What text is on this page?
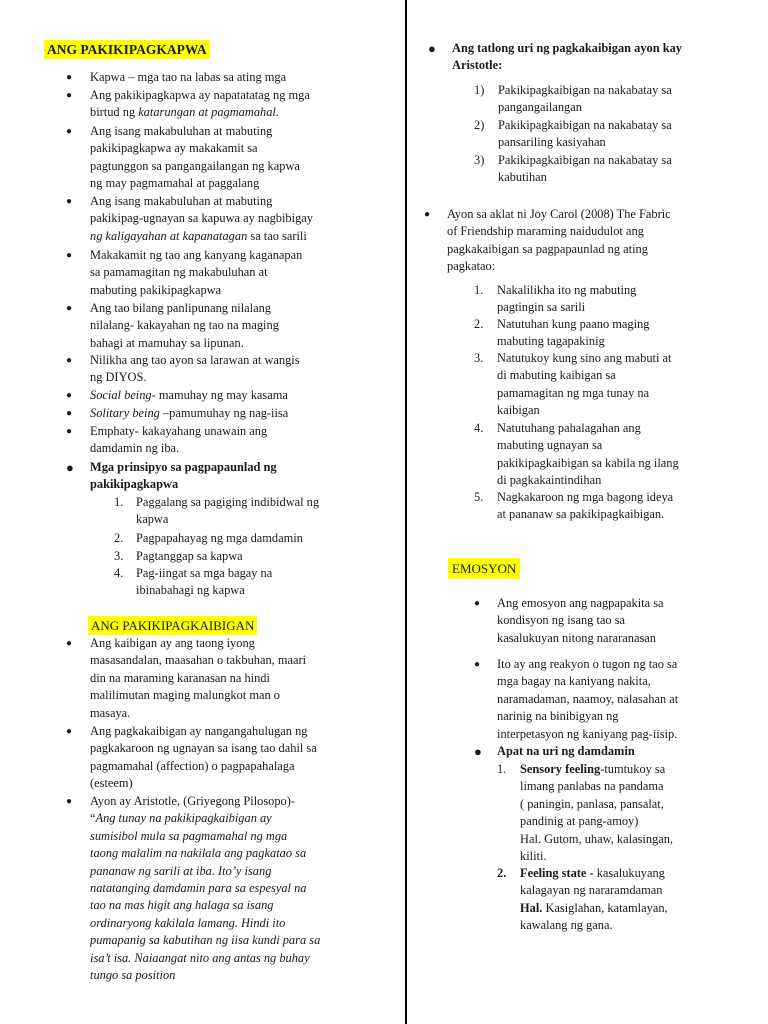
ANG PAKIKIPAGKAPWA
● Kapwa – mga tao na labas sa ating mga
● Ang pakikipagkapwa ay napatatatag ng mga
birtud ng katarungan at pagmamahal.
● Ang isang makabuluhan at mabuting
pakikipagkapwa ay makakamit sa
pagtunggon sa pangangailangan ng kapwa
ng may pagmamahal at paggalang
● Ang isang makabuluhan at mabuting
pakikipag-ugnayan sa kapuwa ay nagbibigay
ng kaligayahan at kapanatagan sa tao sarili
● Makakamit ng tao ang kanyang kaganapan
sa pamamagitan ng makabuluhan at
mabuting pakikipagkapwa
● Ang tao bilang panlipunang nilalang
nilalang- kakayahan ng tao na maging
bahagi at mamuhay sa lipunan.
● Nilikha ang tao ayon sa larawan at wangis
ng DIYOS.
● Social being- mamuhay ng may kasama
● Solitary being –pamumuhay ng nag-iisa
● Emphaty- kakayahang unawain ang
damdamin ng iba.
● Mga prinsipyo sa pagpapaunlad ng
pakikipagkapwa
1. Paggalang sa pagiging indibidwal ng
kapwa
2. Pagpapahayag ng mga damdamin
3. Pagtanggap sa kapwa
4. Pag-iingat sa mga bagay na
ibinabahagi ng kapwa
ANG PAKIKIPAGKAIBIGAN
● Ang kaibigan ay ang taong iyong
masasandalan, maasahan o takbuhan, maari
din na maraming karanasan na hindi
malilimutan maging malungkot man o
masaya.
● Ang pagkakaibigan ay nangangahulugan ng
pagkakaroon ng ugnayan sa isang tao dahil sa
pagmamahal (affection) o pagpapahalaga
(esteem)
● Ayon ay Aristotle, (Griyegong Pilosopo)-
“Ang tunay na pakikipagkaibigan ay
sumisibol mula sa pagmamahal ng mga
taong malalim na nakilala ang pagkatao sa
pananaw ng sarili at iba. Ito’y isang
natatanging damdamin para sa espesyal na
tao na mas higit ang halaga sa isang
ordinaryong kakilala lamang. Hindi ito
pumapanig sa kabutihan ng iisa kundi para sa
isa’t isa. Naiaangat nito ang antas ng buhay
tungo sa position
● Ang tatlong uri ng pagkakaibigan ayon kay
Aristotle:
1) Pakikipagkaibigan na nakabatay sa
pangangailangan
2) Pakikipagkaibigan na nakabatay sa
pansariling kasiyahan
3) Pakikipagkaibigan na nakabatay sa
kabutihan
● Ayon sa aklat ni Joy Carol (2008) The Fabric
of Friendship maraming naidudulot ang
pagkakaibigan sa pagpapaunlad ng ating
pagkatao:
1. Nakalilikha ito ng mabuting
pagtingin sa sarili
2. Natutuhan kung paano maging
mabuting tagapakinig
3. Natutukoy kung sino ang mabuti at
di mabuting kaibigan sa
pamamagitan ng mga tunay na
kaibigan
4. Natutuhang pahalagahan ang
mabuting ugnayan sa
pakikipagkaibigan sa kabila ng ilang
di pagkakaintindihan
5. Nagkakaroon ng mga bagong ideya
at pananaw sa pakikipagkaibigan.
EMOSYON
● Ang emosyon ang nagpapakita sa
kondisyon ng isang tao sa
kasalukuyan nitong nararanasan
● Ito ay ang reakyon o tugon ng tao sa
mga bagay na kaniyang nakita,
naramadaman, naamoy, nalasahan at
narinig na binibigyan ng
interpetasyon ng kaniyang pag-iisip.
● Apat na uri ng damdamin
1. Sensory feeling-tumtukoy sa
limang panlabas na pandama
( paningin, panlasa, pansalat,
pandinig at pang-amoy)
Hal. Gutom, uhaw, kalasingan,
kiliti.
2. Feeling state - kasalukuyang
kalagayan ng nararamdaman
Hal. Kasiglahan, katamlayan,
kawalang ng gana.
